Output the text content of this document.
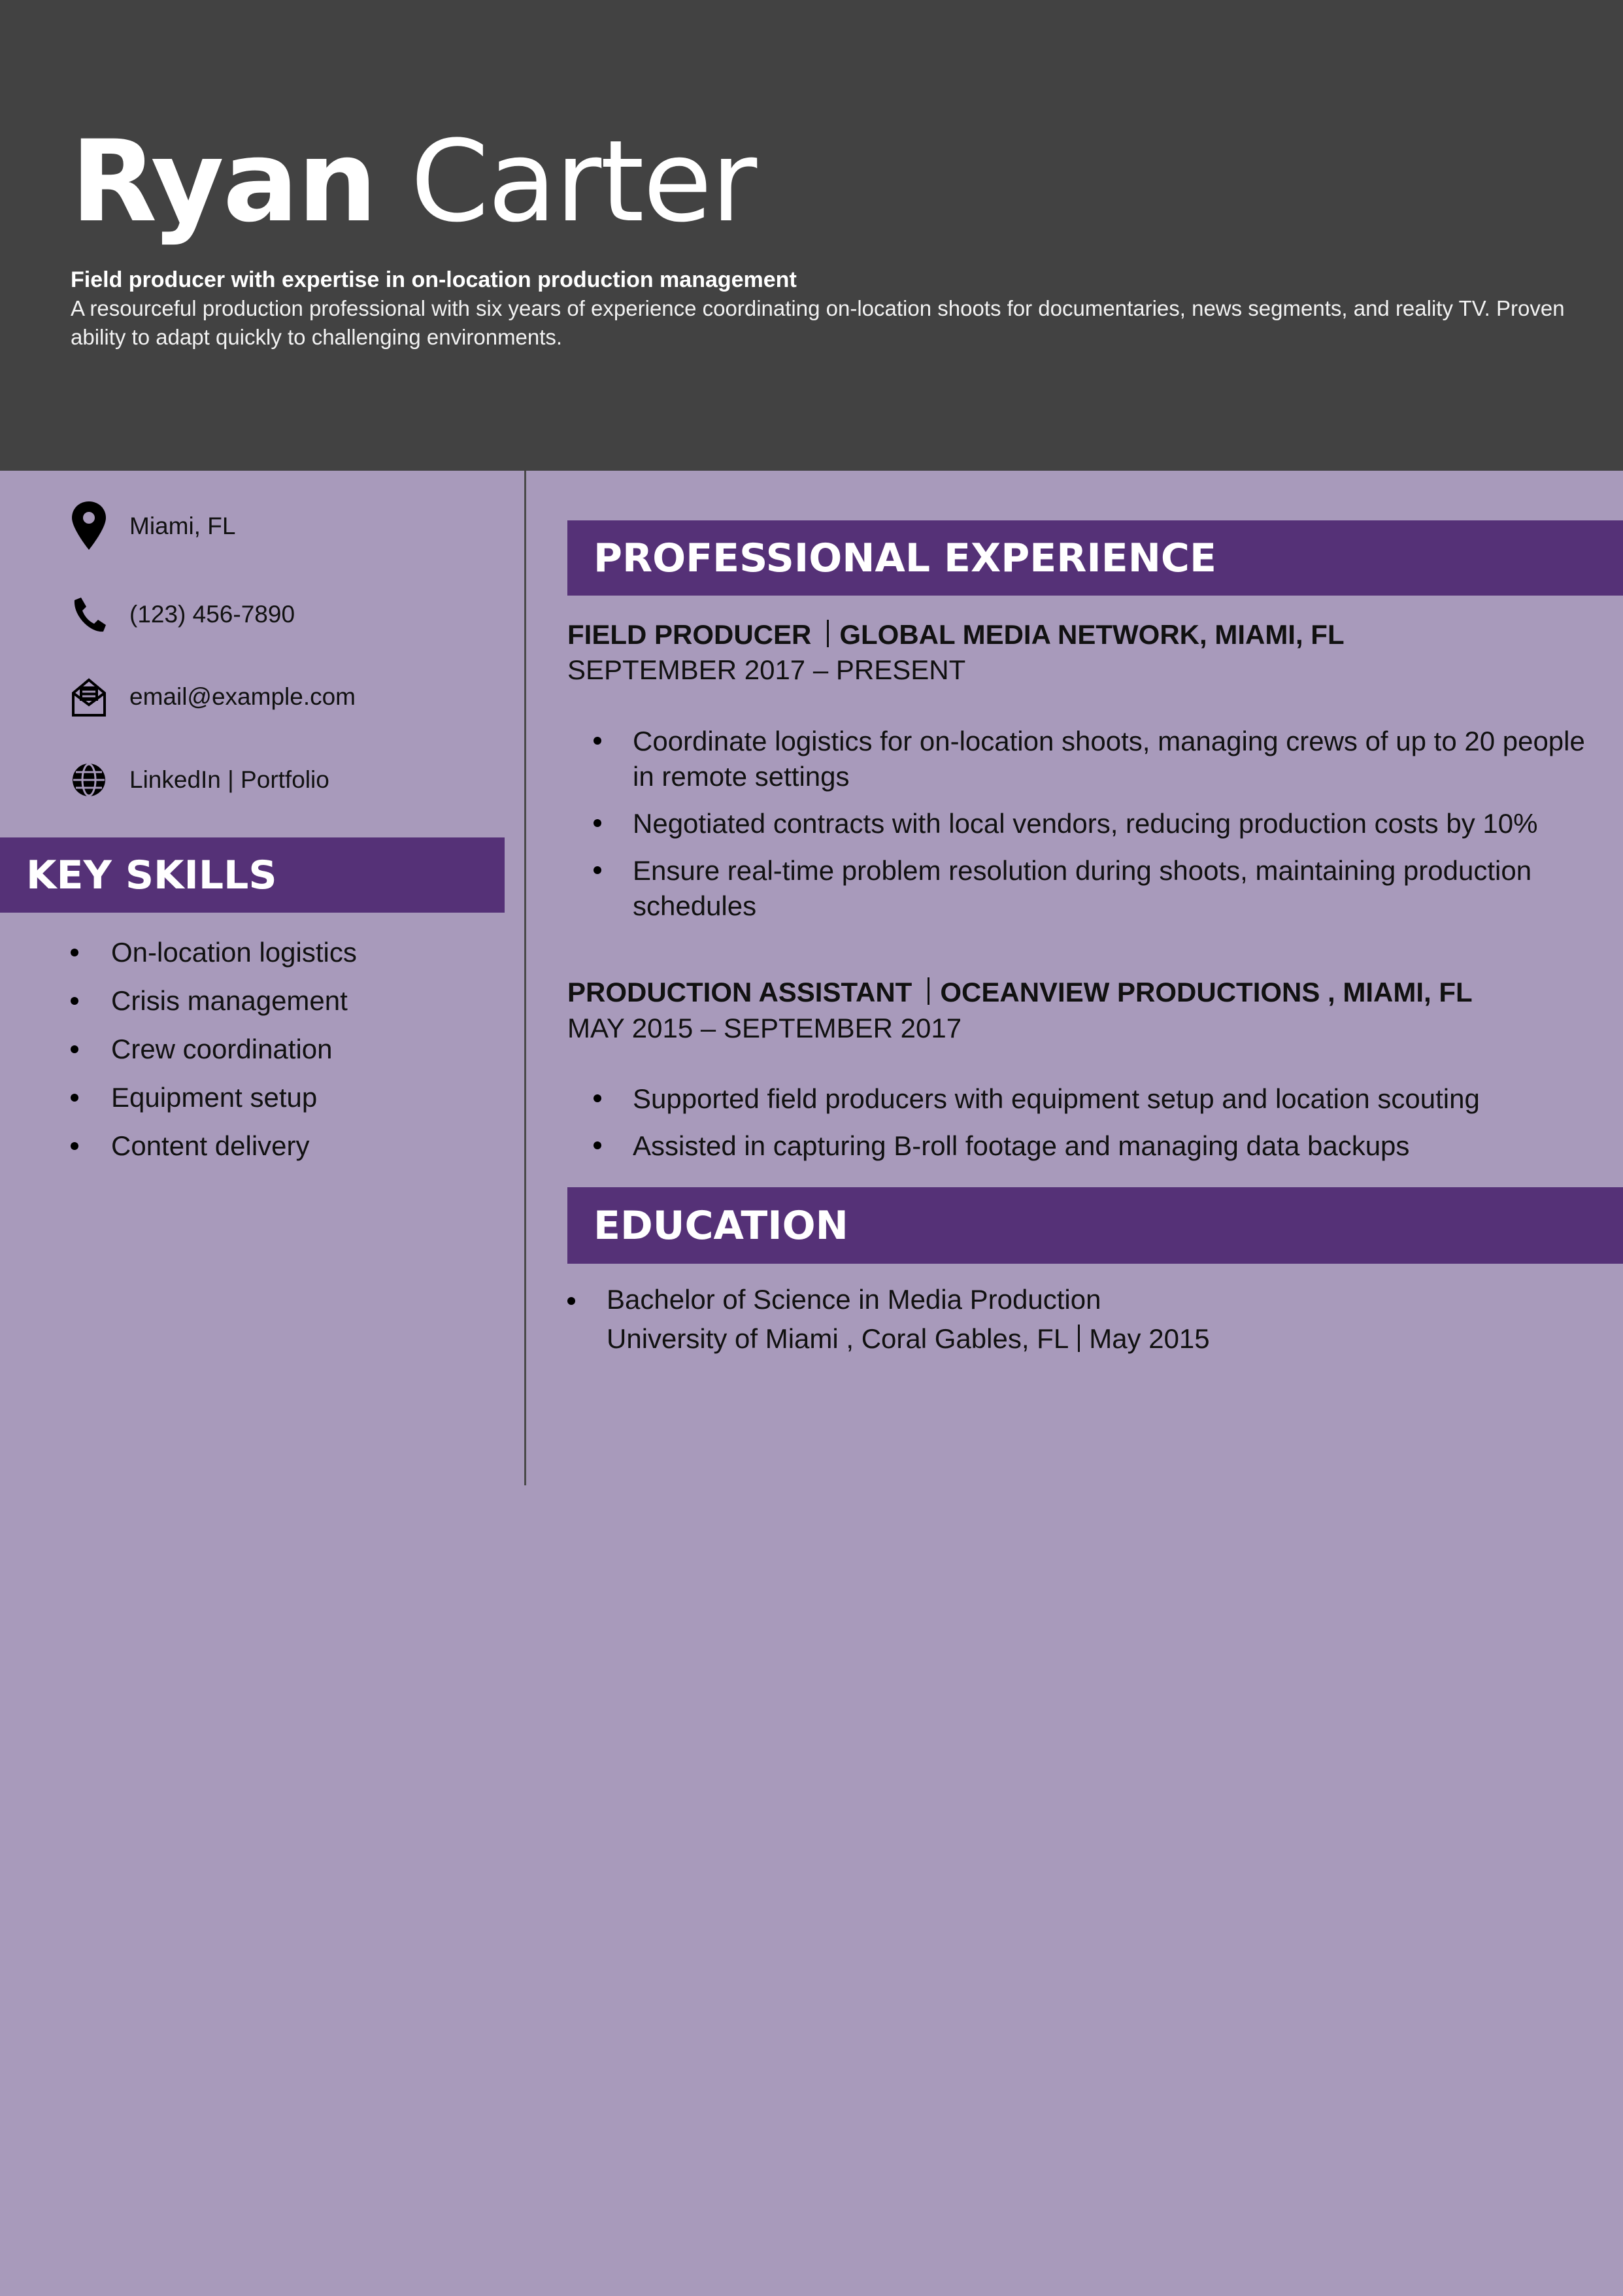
Ryan Carter
Field producer with expertise in on-location production management
A resourceful production professional with six years of experience coordinating on-location shoots for documentaries, news segments, and reality TV. Proven ability to adapt quickly to challenging environments.
Miami, FL
(123) 456-7890
email@example.com
LinkedIn | Portfolio
KEY SKILLS
On-location logistics
Crisis management
Crew coordination
Equipment setup
Content delivery
PROFESSIONAL EXPERIENCE
FIELD PRODUCER GLOBAL MEDIA NETWORK, MIAMI, FL
SEPTEMBER 2017 – PRESENT
Coordinate logistics for on-location shoots, managing crews of up to 20 people in remote settings
Negotiated contracts with local vendors, reducing production costs by 10%
Ensure real-time problem resolution during shoots, maintaining production schedules
PRODUCTION ASSISTANT OCEANVIEW PRODUCTIONS , MIAMI, FL
MAY 2015 – SEPTEMBER 2017
Supported field producers with equipment setup and location scouting
Assisted in capturing B-roll footage and managing data backups
EDUCATION
Bachelor of Science in Media Production
University of Miami , Coral Gables, FL May 2015
